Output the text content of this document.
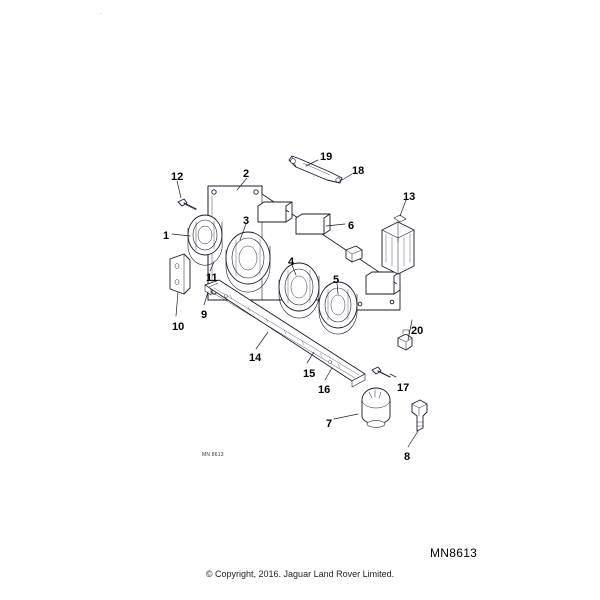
1
2
3
4
5
6
7
8
9
10
11
12
13
14
15
16	17
18
19
20
MN 8613
MN8613
© Copyright, 2016. Jaguar Land Rover Limited.
.
